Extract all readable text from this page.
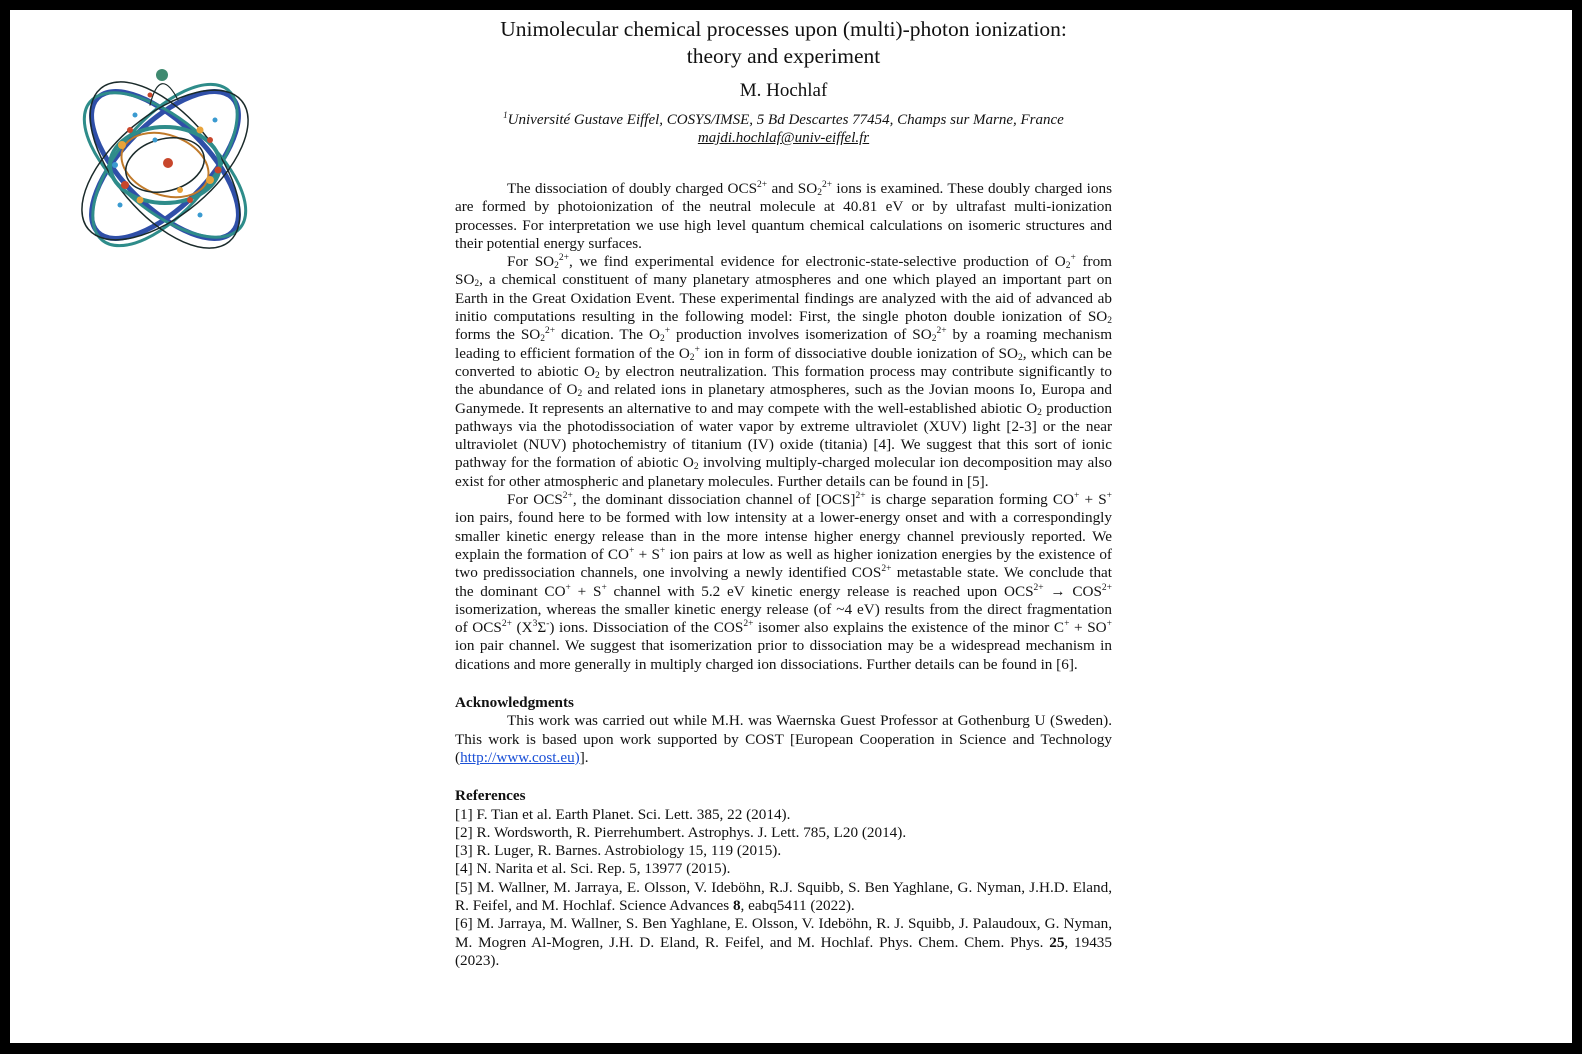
Unimolecular chemical processes upon (multi)-photon ionization:
theory and experiment
M. Hochlaf
$^1$Université Gustave Eiffel, COSYS/IMSE, 5 Bd Descartes 77454, Champs sur Marne, France
majdi.hochlaf@univ-eiffel.fr

The dissociation of doubly charged $OCS^{2+}$ and $SO_2^{2+}$ ions is examined. These doubly charged ions are formed by photoionization of the neutral molecule at 40.81 eV or by ultrafast multi-ionization processes. For interpretation we use high level quantum chemical calculations on isomeric structures and their potential energy surfaces.

For $SO_2^{2+}$, we find experimental evidence for electronic-state-selective production of $O_2^+$ from $SO_2$, a chemical constituent of many planetary atmospheres and one which played an important part on Earth in the Great Oxidation Event. These experimental findings are analyzed with the aid of advanced ab initio computations resulting in the following model: First, the single photon double ionization of $SO_2$ forms the $SO_2^{2+}$ dication. The $O_2^+$ production involves isomerization of $SO_2^{2+}$ by a roaming mechanism leading to efficient formation of the $O_2^+$ ion in form of dissociative double ionization of $SO_2$, which can be converted to abiotic $O_2$ by electron neutralization. This formation process may contribute significantly to the abundance of $O_2$ and related ions in planetary atmospheres, such as the Jovian moons Io, Europa and Ganymede. It represents an alternative to and may compete with the well-established abiotic $O_2$ production pathways via the photodissociation of water vapor by extreme ultraviolet (XUV) light [2-3] or the near ultraviolet (NUV) photochemistry of titanium (IV) oxide (titania) [4]. We suggest that this sort of ionic pathway for the formation of abiotic $O_2$ involving multiply-charged molecular ion decomposition may also exist for other atmospheric and planetary molecules. Further details can be found in [5].

For $OCS^{2+}$, the dominant dissociation channel of [OCS]$^{2+}$ is charge separation forming CO+ + S+ ion pairs, found here to be formed with low intensity at a lower-energy onset and with a correspondingly smaller kinetic energy release than in the more intense higher energy channel previously reported. We explain the formation of CO+ + S+ ion pairs at low as well as higher ionization energies by the existence of two predissociation channels, one involving a newly identified $COS^{2+}$ metastable state. We conclude that the dominant CO+ + S+ channel with 5.2 eV kinetic energy release is reached upon $OCS^{2+} \to COS^{2+}$ isomerization, whereas the smaller kinetic energy release (of ~4 eV) results from the direct fragmentation of $OCS^{2+}$ $(X^3\Sigma^-)$ ions. Dissociation of the $COS^{2+}$ isomer also explains the existence of the minor C+ + SO+ ion pair channel. We suggest that isomerization prior to dissociation may be a widespread mechanism in dications and more generally in multiply charged ion dissociations. Further details can be found in [6].

Acknowledgments
This work was carried out while M.H. was Waernska Guest Professor at Gothenburg U (Sweden). This work is based upon work supported by COST [European Cooperation in Science and Technology (http://www.cost.eu)].
References
[1] F. Tian et al. Earth Planet. Sci. Lett. 385, 22 (2014).
[2] R. Wordsworth, R. Pierrehumbert. Astrophys. J. Lett. 785, L20 (2014).
[3] R. Luger, R. Barnes. Astrobiology 15, 119 (2015).
[4] N. Narita et al. Sci. Rep. 5, 13977 (2015).
[5] M. Wallner, M. Jarraya, E. Olsson, V. Ideböhn, R.J. Squibb, S. Ben Yaghlane, G. Nyman, J.H.D. Eland, R. Feifel, and M. Hochlaf. Science Advances 8, eabq5411 (2022).
[6] M. Jarraya, M. Wallner, S. Ben Yaghlane, E. Olsson, V. Ideböhn, R. J. Squibb, J. Palaudoux, G. Nyman, M. Mogren Al-Mogren, J.H. D. Eland, R. Feifel, and M. Hochlaf. Phys. Chem. Chem. Phys. 25, 19435 (2023).
